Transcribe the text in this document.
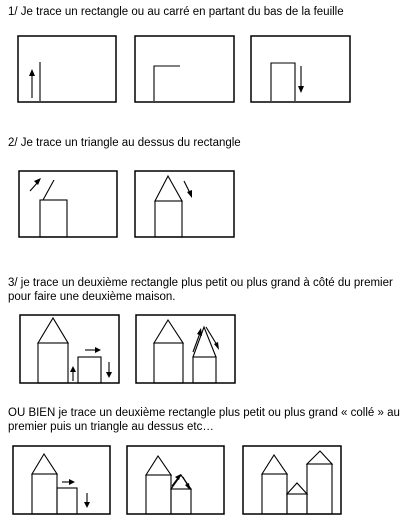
1/ Je trace un rectangle ou au carré en partant du bas de la feuille

2/ Je trace un triangle au dessus du rectangle

3/ je trace un deuxième rectangle plus petit ou plus grand à côté du premier pour faire une deuxième maison.

OU BIEN je trace un deuxième rectangle plus petit ou plus grand « collé » au premier puis un triangle au dessus etc…
